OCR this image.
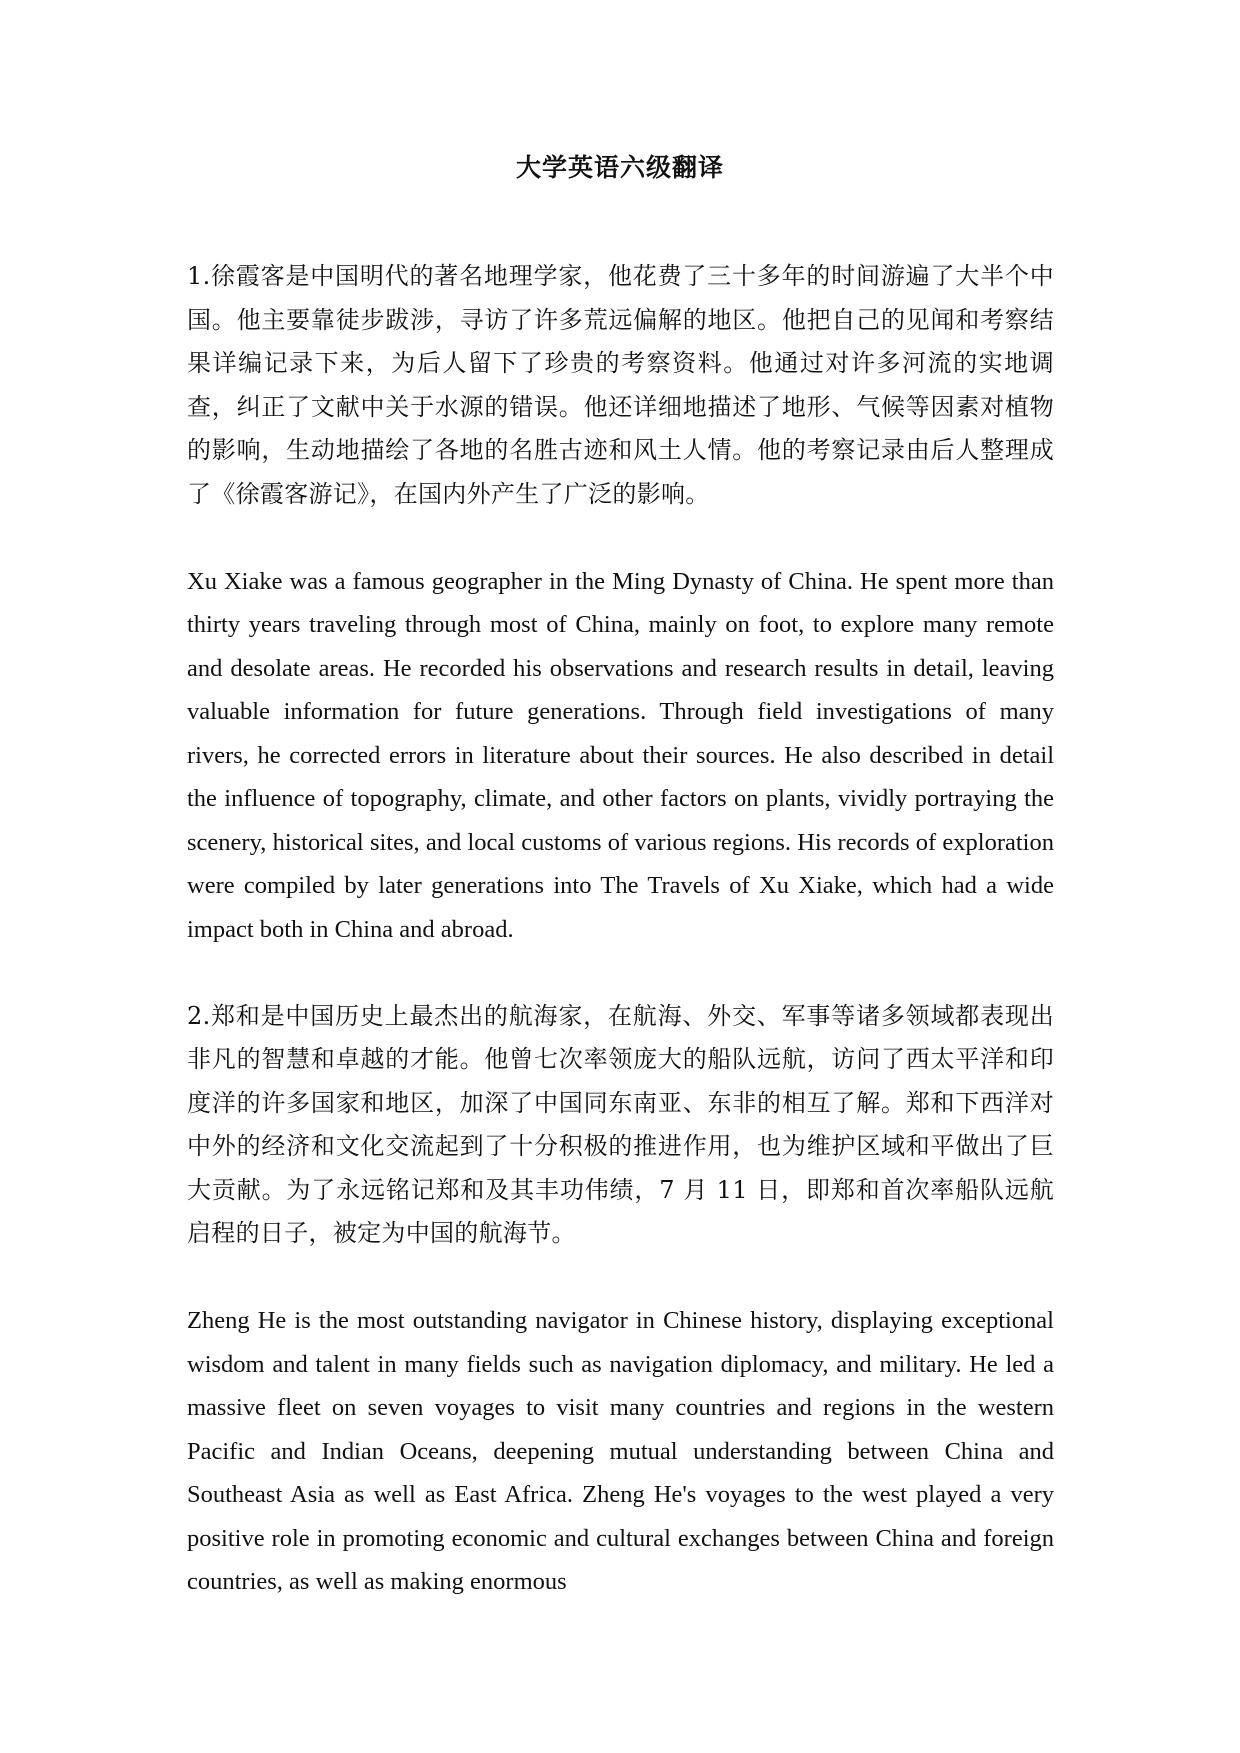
大学英语六级翻译

1.徐霞客是中国明代的著名地理学家，他花费了三十多年的时间游遍了大半个中国。他主要靠徒步跋涉，寻访了许多荒远偏解的地区。他把自己的见闻和考察结果详编记录下来，为后人留下了珍贵的考察资料。他通过对许多河流的实地调查，纠正了文献中关于水源的错误。他还详细地描述了地形、气候等因素对植物的影响，生动地描绘了各地的名胜古迹和风土人情。他的考察记录由后人整理成了《徐霞客游记》，在国内外产生了广泛的影响。

Xu Xiake was a famous geographer in the Ming Dynasty of China. He spent more than thirty years traveling through most of China, mainly on foot, to explore many remote and desolate areas. He recorded his observations and research results in detail, leaving valuable information for future generations. Through field investigations of many rivers, he corrected errors in literature about their sources. He also described in detail the influence of topography, climate, and other factors on plants, vividly portraying the scenery, historical sites, and local customs of various regions. His records of exploration were compiled by later generations into The Travels of Xu Xiake, which had a wide impact both in China and abroad.

2.郑和是中国历史上最杰出的航海家，在航海、外交、军事等诸多领域都表现出非凡的智慧和卓越的才能。他曾七次率领庞大的船队远航，访问了西太平洋和印度洋的许多国家和地区，加深了中国同东南亚、东非的相互了解。郑和下西洋对中外的经济和文化交流起到了十分积极的推进作用，也为维护区域和平做出了巨大贡献。为了永远铭记郑和及其丰功伟绩，7 月 11 日，即郑和首次率船队远航启程的日子，被定为中国的航海节。

Zheng He is the most outstanding navigator in Chinese history, displaying exceptional wisdom and talent in many fields such as navigation diplomacy, and military. He led a massive fleet on seven voyages to visit many countries and regions in the western Pacific and Indian Oceans, deepening mutual understanding between China and Southeast Asia as well as East Africa. Zheng He's voyages to the west played a very positive role in promoting economic and cultural exchanges between China and foreign countries, as well as making enormous
